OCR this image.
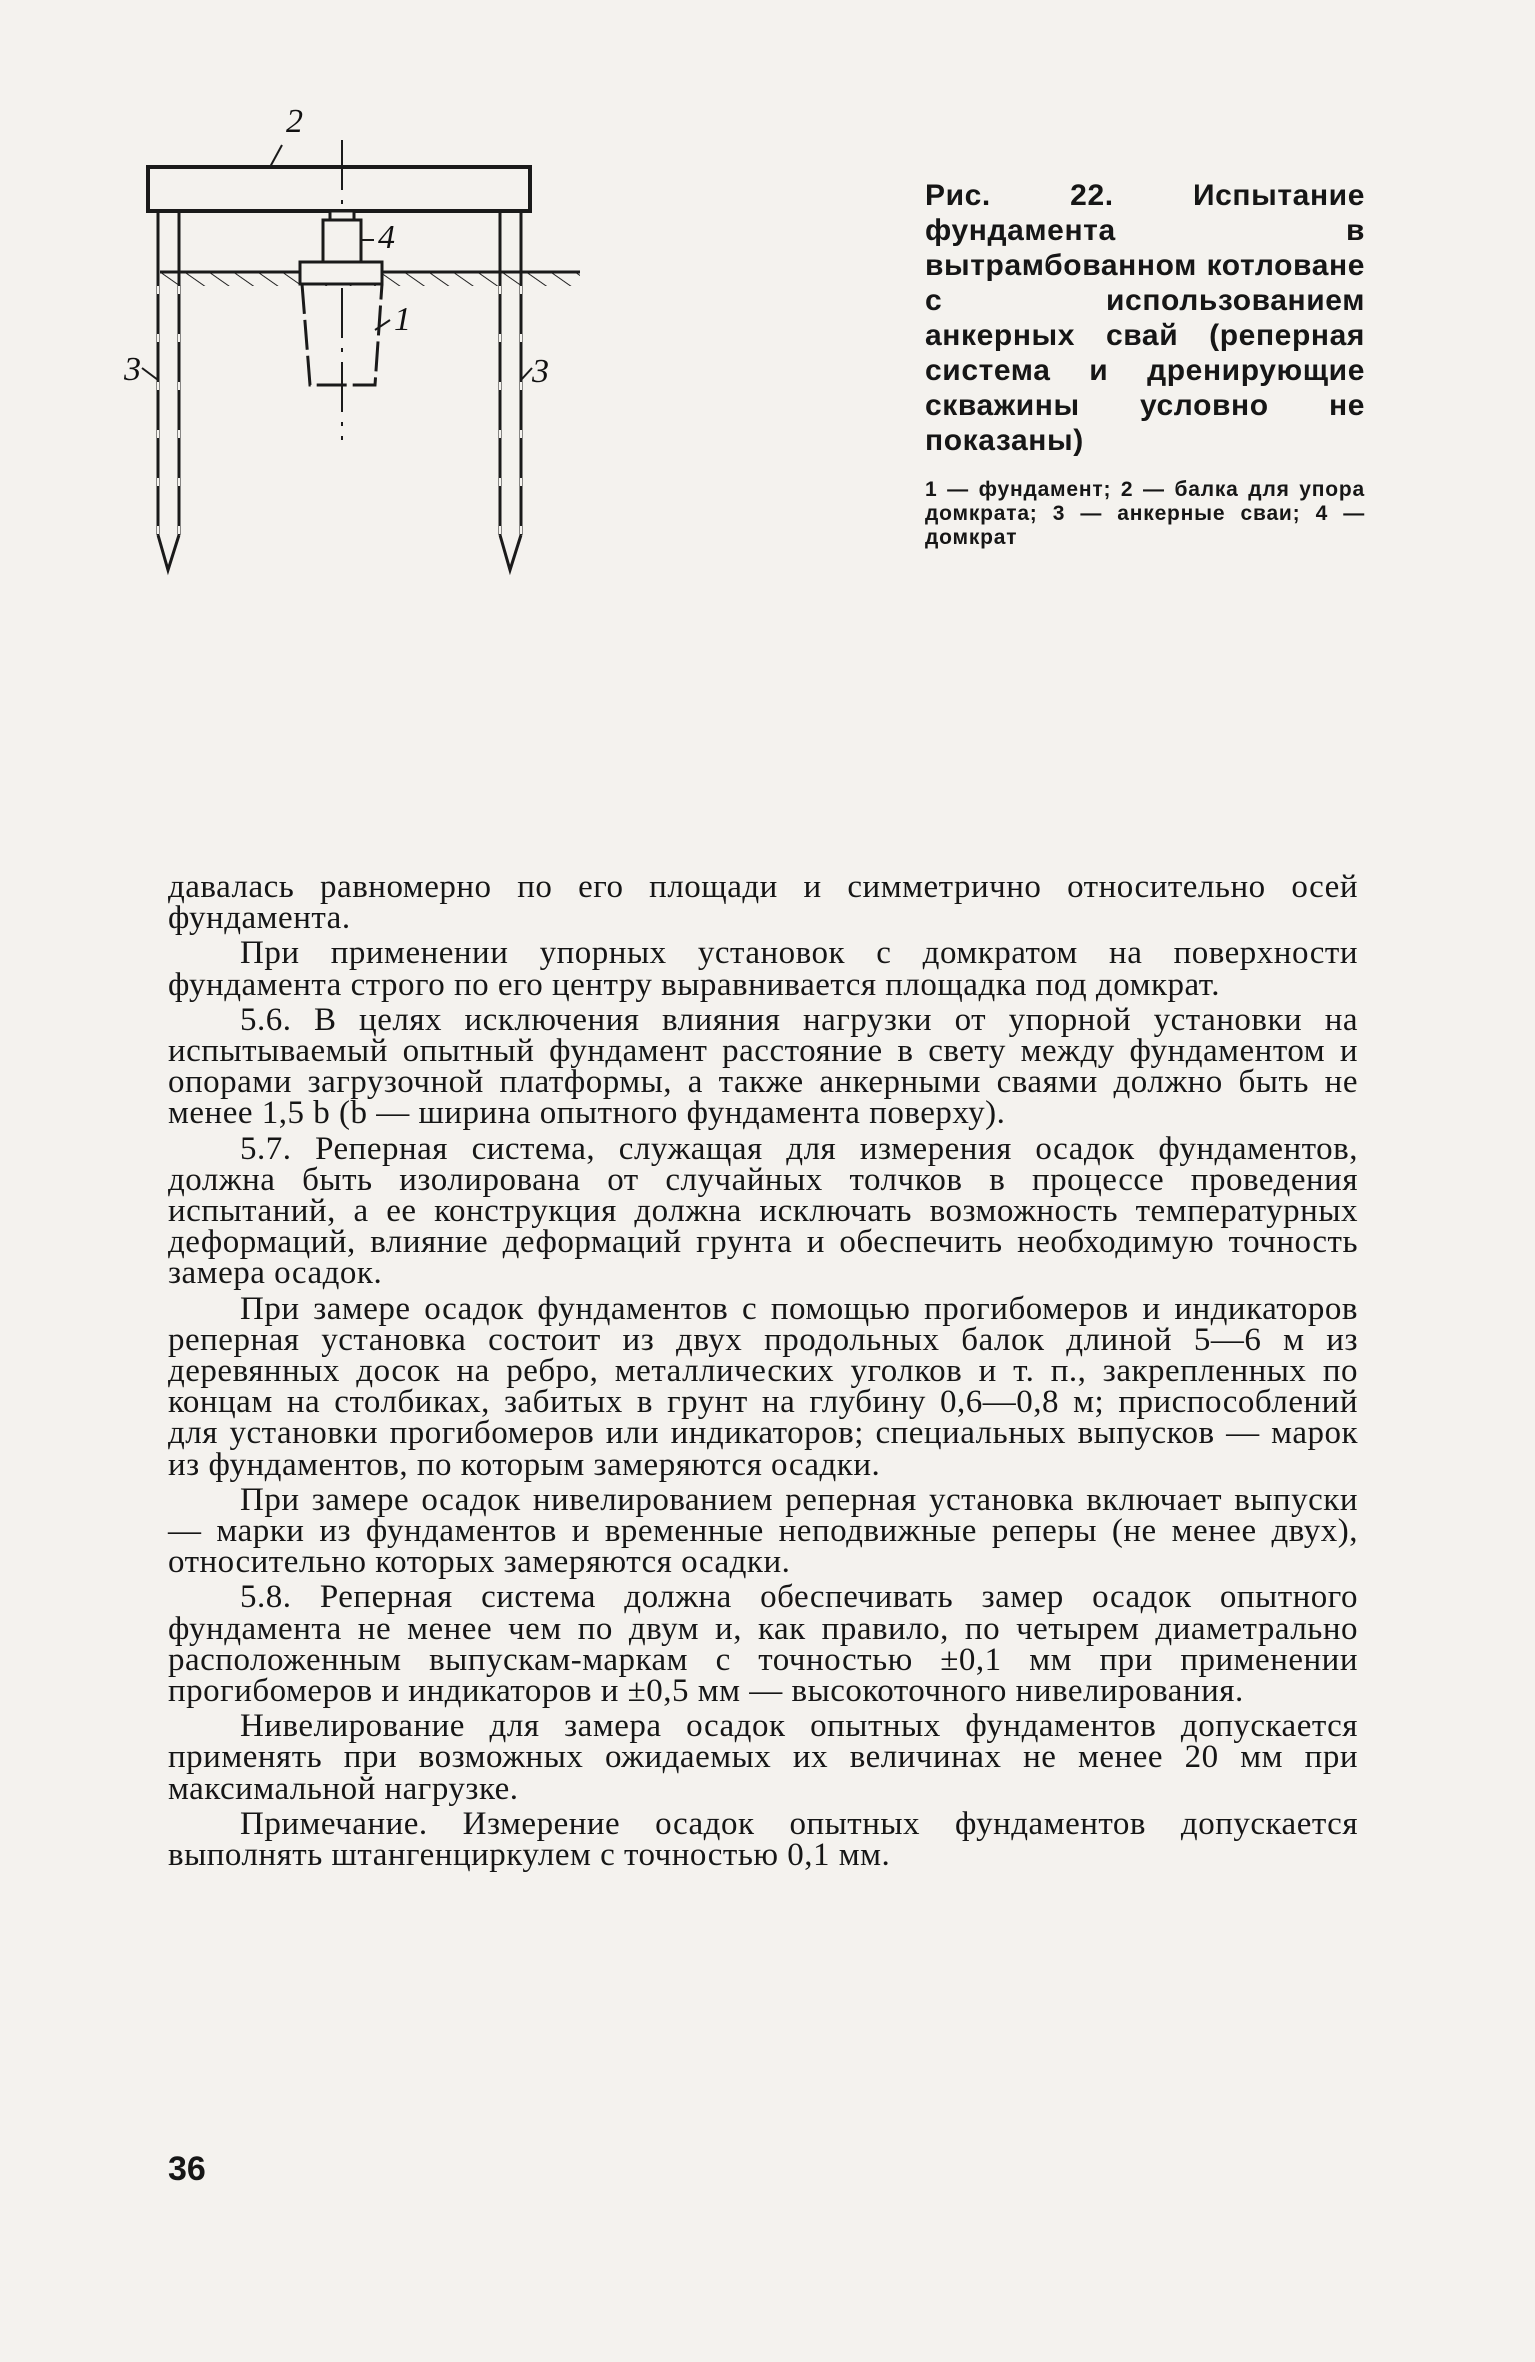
2
4
1
3	3
Рис. 22. Испытание фундамента в вытрамбованном котловане с использованием анкерных свай (реперная система и дренирующие скважины условно не показаны)
1 — фундамент; 2 — балка для упора домкрата; 3 — анкерные сваи; 4 — домкрат

давалась равномерно по его площади и симметрично относительно осей фундамента.

При применении упорных установок с домкратом на поверхности фундамента строго по его центру выравнивается площадка под домкрат.

5.6. В целях исключения влияния нагрузки от упорной установки на испытываемый опытный фундамент расстояние в свету между фундаментом и опорами загрузочной платформы, а также анкерными сваями должно быть не менее 1,5 b (b — ширина опытного фундамента поверху).

5.7. Реперная система, служащая для измерения осадок фундаментов, должна быть изолирована от случайных толчков в процессе проведения испытаний, а ее конструкция должна исключать возможность температурных деформаций, влияние деформаций грунта и обеспечить необходимую точность замера осадок.

При замере осадок фундаментов с помощью прогибомеров и индикаторов реперная установка состоит из двух продольных балок длиной 5—6 м из деревянных досок на ребро, металлических уголков и т. п., закрепленных по концам на столбиках, забитых в грунт на глубину 0,6—0,8 м; приспособлений для установки прогибомеров или индикаторов; специальных выпусков — марок из фундаментов, по которым замеряются осадки.

При замере осадок нивелированием реперная установка включает выпуски — марки из фундаментов и временные неподвижные реперы (не менее двух), относительно которых замеряются осадки.

5.8. Реперная система должна обеспечивать замер осадок опытного фундамента не менее чем по двум и, как правило, по четырем диаметрально расположенным выпускам-маркам с точностью ±0,1 мм при применении прогибомеров и индикаторов и ±0,5 мм — высокоточного нивелирования.

Нивелирование для замера осадок опытных фундаментов допускается применять при возможных ожидаемых их величинах не менее 20 мм при максимальной нагрузке.

Примечание. Измерение осадок опытных фундаментов допускается выполнять штангенциркулем с точностью 0,1 мм.

36
